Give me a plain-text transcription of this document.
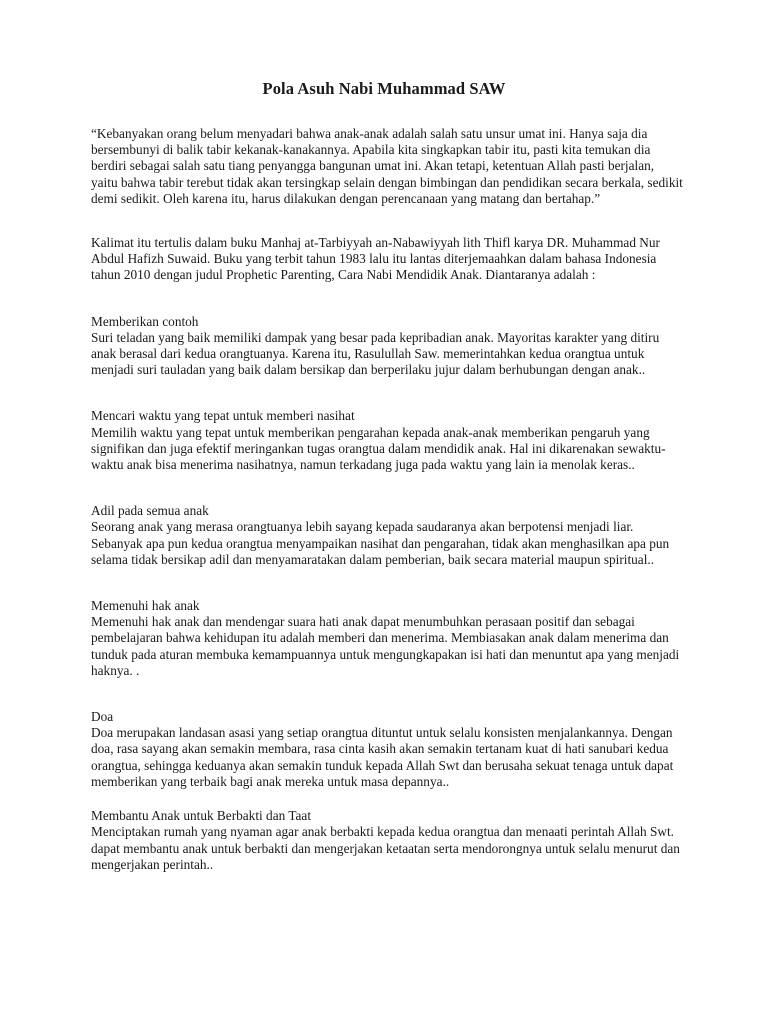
Pola Asuh Nabi Muhammad SAW

“Kebanyakan orang belum menyadari bahwa anak-anak adalah salah satu unsur umat ini. Hanya saja dia bersembunyi di balik tabir kekanak-kanakannya. Apabila kita singkapkan tabir itu, pasti kita temukan dia berdiri sebagai salah satu tiang penyangga bangunan umat ini. Akan tetapi, ketentuan Allah pasti berjalan, yaitu bahwa tabir terebut tidak akan tersingkap selain dengan bimbingan dan pendidikan secara berkala, sedikit demi sedikit. Oleh karena itu, harus dilakukan dengan perencanaan yang matang dan bertahap.”

Kalimat itu tertulis dalam buku Manhaj at-Tarbiyyah an-Nabawiyyah lith Thifl karya DR. Muhammad Nur Abdul Hafizh Suwaid. Buku yang terbit tahun 1983 lalu itu lantas diterjemaahkan dalam bahasa Indonesia tahun 2010 dengan judul Prophetic Parenting, Cara Nabi Mendidik Anak. Diantaranya adalah :

Memberikan contoh

Suri teladan yang baik memiliki dampak yang besar pada kepribadian anak. Mayoritas karakter yang ditiru anak berasal dari kedua orangtuanya. Karena itu, Rasulullah Saw. memerintahkan kedua orangtua untuk menjadi suri tauladan yang baik dalam bersikap dan berperilaku jujur dalam berhubungan dengan anak..

Mencari waktu yang tepat untuk memberi nasihat

Memilih waktu yang tepat untuk memberikan pengarahan kepada anak-anak memberikan pengaruh yang signifikan dan juga efektif meringankan tugas orangtua dalam mendidik anak. Hal ini dikarenakan sewaktu-waktu anak bisa menerima nasihatnya, namun terkadang juga pada waktu yang lain ia menolak keras..

Adil pada semua anak

Seorang anak yang merasa orangtuanya lebih sayang kepada saudaranya akan berpotensi menjadi liar. Sebanyak apa pun kedua orangtua menyampaikan nasihat dan pengarahan, tidak akan menghasilkan apa pun selama tidak bersikap adil dan menyamaratakan dalam pemberian, baik secara material maupun spiritual..

Memenuhi hak anak

Memenuhi hak anak dan mendengar suara hati anak dapat menumbuhkan perasaan positif dan sebagai pembelajaran bahwa kehidupan itu adalah memberi dan menerima. Membiasakan anak dalam menerima dan tunduk pada aturan membuka kemampuannya untuk mengungkapakan isi hati dan menuntut apa yang menjadi haknya. .

Doa

Doa merupakan landasan asasi yang setiap orangtua dituntut untuk selalu konsisten menjalankannya. Dengan doa, rasa sayang akan semakin membara, rasa cinta kasih akan semakin tertanam kuat di hati sanubari kedua orangtua, sehingga keduanya akan semakin tunduk kepada Allah Swt dan berusaha sekuat tenaga untuk dapat memberikan yang terbaik bagi anak mereka untuk masa depannya..

Membantu Anak untuk Berbakti dan Taat

Menciptakan rumah yang nyaman agar anak berbakti kepada kedua orangtua dan menaati perintah Allah Swt. dapat membantu anak untuk berbakti dan mengerjakan ketaatan serta mendorongnya untuk selalu menurut dan mengerjakan perintah..
